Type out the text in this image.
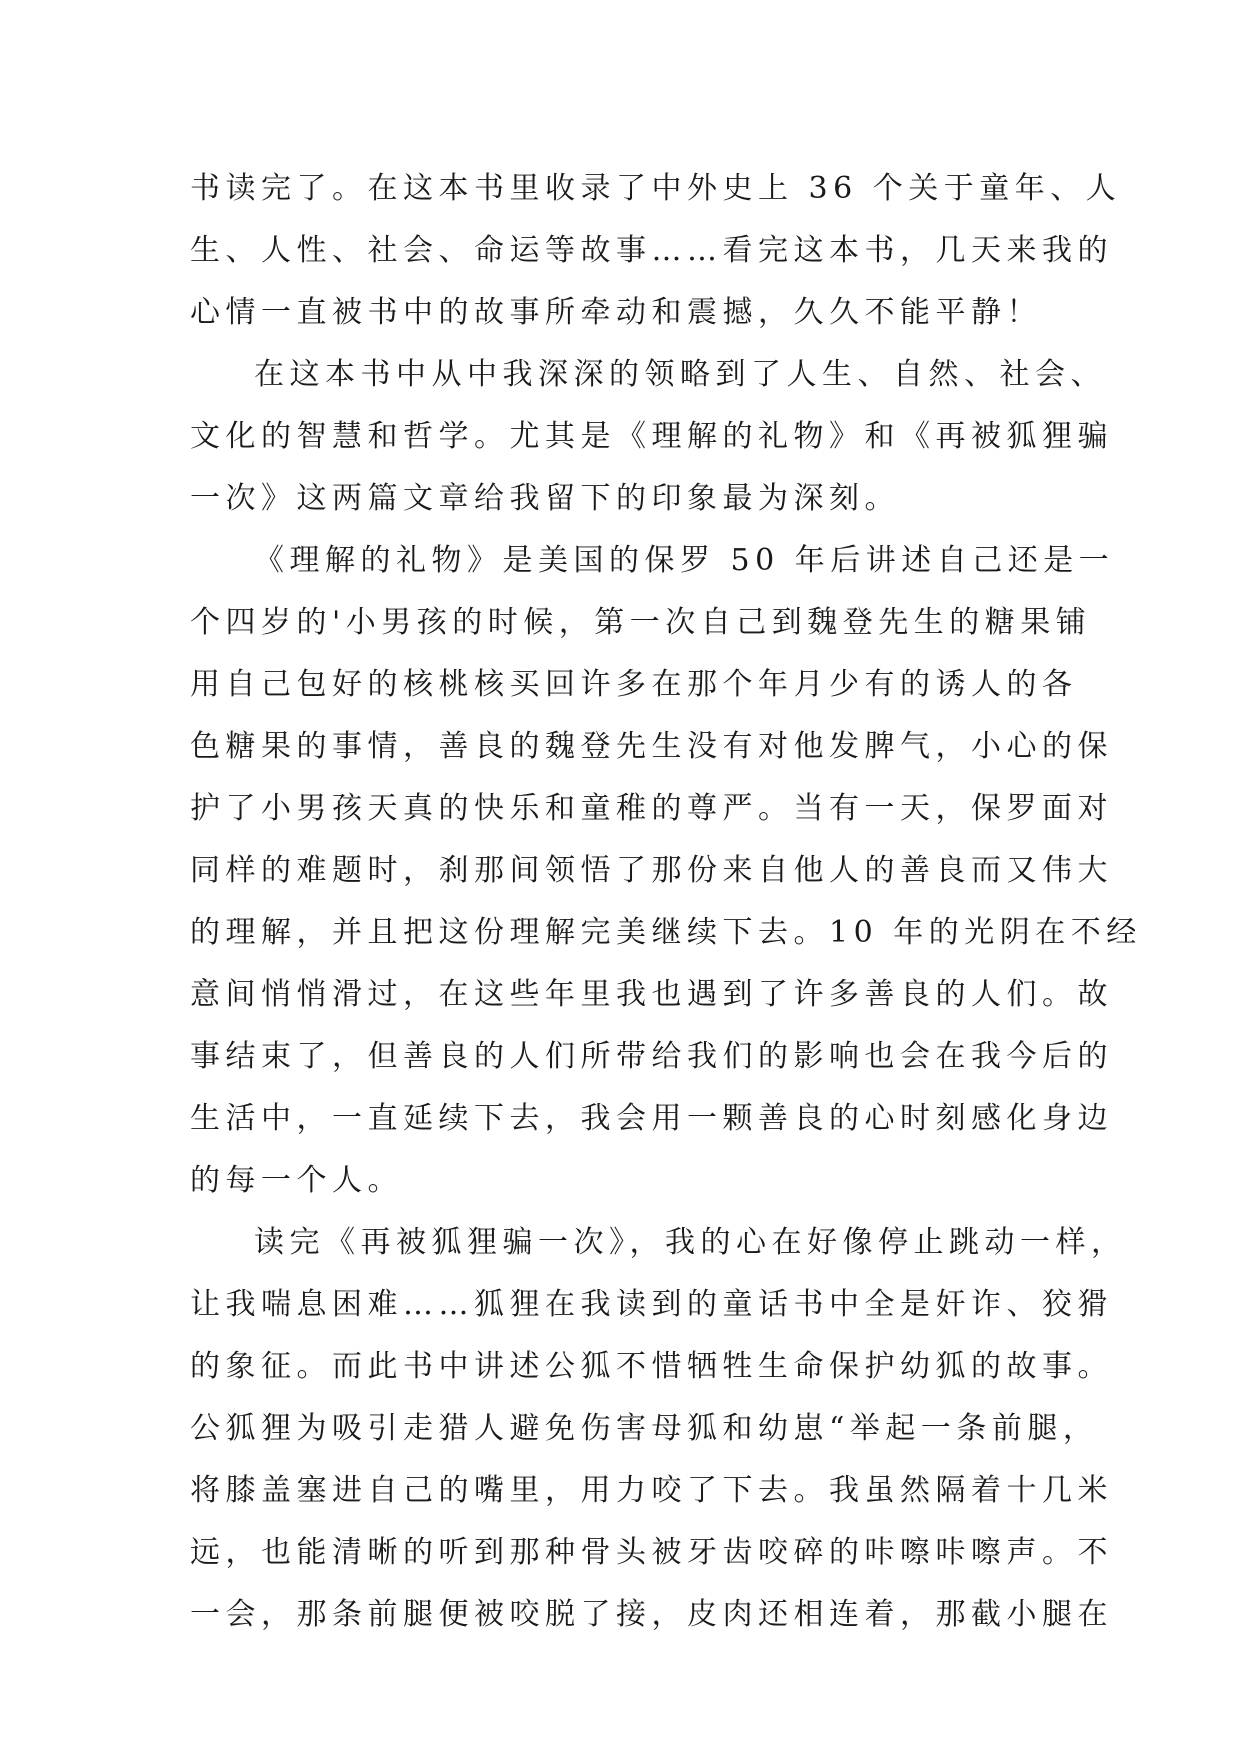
书读完了。在这本书里收录了中外史上 36 个关于童年、人
生、人性、社会、命运等故事……看完这本书，几天来我的
心情一直被书中的故事所牵动和震撼，久久不能平静！
在这本书中从中我深深的领略到了人生、自然、社会、
文化的智慧和哲学。尤其是《理解的礼物》和《再被狐狸骗
一次》这两篇文章给我留下的印象最为深刻。
《理解的礼物》是美国的保罗 50 年后讲述自己还是一
个四岁的'小男孩的时候，第一次自己到魏登先生的糖果铺
用自己包好的核桃核买回许多在那个年月少有的诱人的各
色糖果的事情，善良的魏登先生没有对他发脾气，小心的保
护了小男孩天真的快乐和童稚的尊严。当有一天，保罗面对
同样的难题时，刹那间领悟了那份来自他人的善良而又伟大
的理解，并且把这份理解完美继续下去。10 年的光阴在不经
意间悄悄滑过，在这些年里我也遇到了许多善良的人们。故
事结束了，但善良的人们所带给我们的影响也会在我今后的
生活中，一直延续下去，我会用一颗善良的心时刻感化身边
的每一个人。
读完《再被狐狸骗一次》，我的心在好像停止跳动一样，
让我喘息困难……狐狸在我读到的童话书中全是奸诈、狡猾
的象征。而此书中讲述公狐不惜牺牲生命保护幼狐的故事。
公狐狸为吸引走猎人避免伤害母狐和幼崽“举起一条前腿，
将膝盖塞进自己的嘴里，用力咬了下去。我虽然隔着十几米
远，也能清晰的听到那种骨头被牙齿咬碎的咔嚓咔嚓声。不
一会，那条前腿便被咬脱了接，皮肉还相连着，那截小腿在
